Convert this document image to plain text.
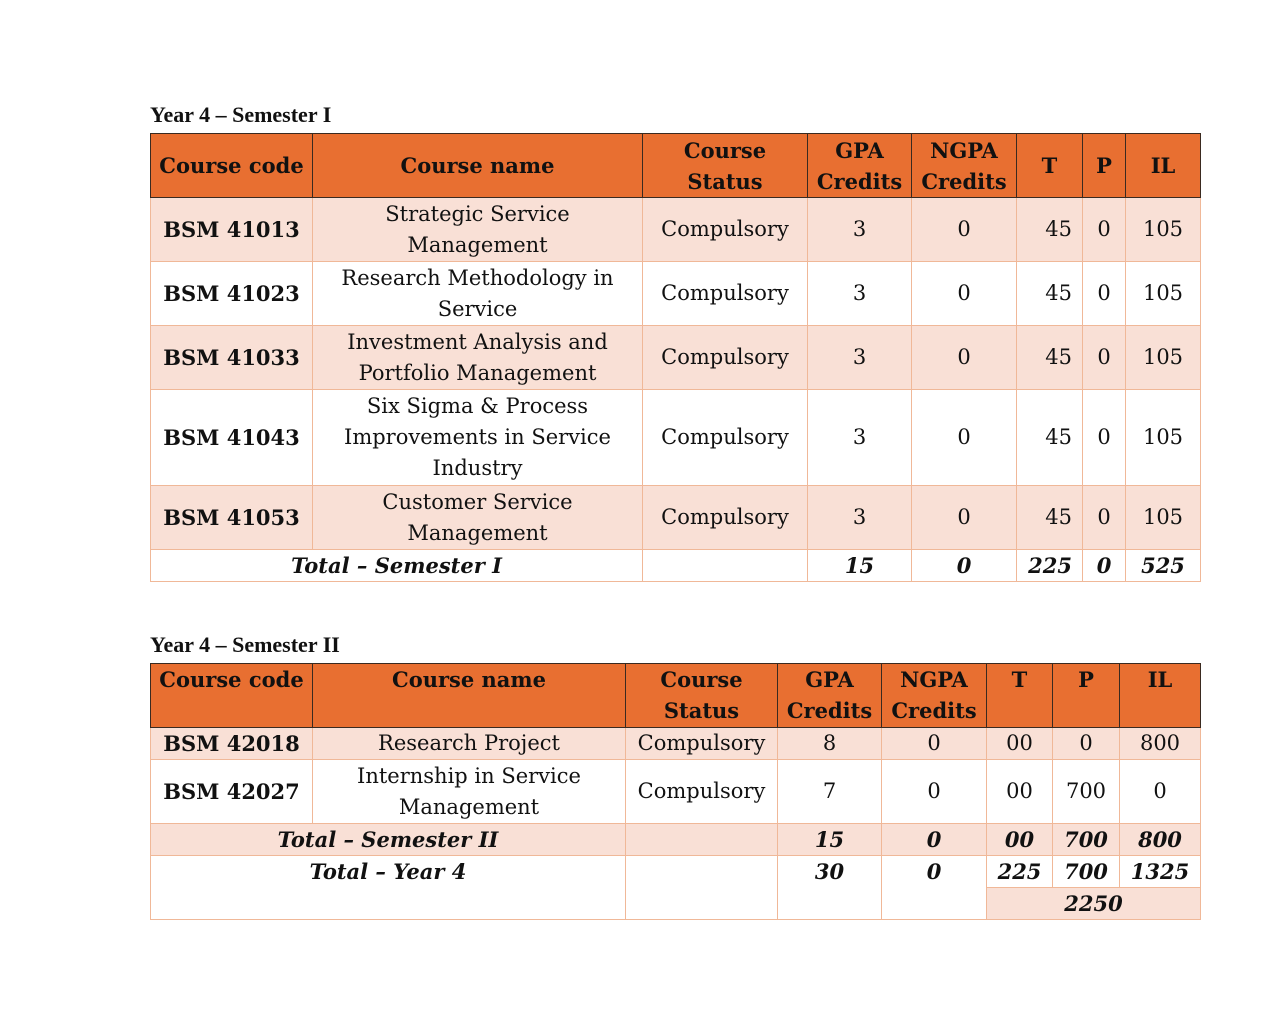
Year 4 – Semester I
Course code	Course name	Course Status	GPA Credits	NGPA Credits	T	P	IL
BSM 41013	Strategic Service Management	Compulsory	3	0	45	0	105
BSM 41023	Research Methodology in Service	Compulsory	3	0	45	0	105
BSM 41033	Investment Analysis and Portfolio Management	Compulsory	3	0	45	0	105
BSM 41043	Six Sigma & Process Improvements in Service Industry	Compulsory	3	0	45	0	105
BSM 41053	Customer Service Management	Compulsory	3	0	45	0	105
Total – Semester I			15	0	225	0	525
Year 4 – Semester II
Course code	Course name	Course Status	GPA Credits	NGPA Credits	T	P	IL
BSM 42018	Research Project	Compulsory	8	0	00	0	800
BSM 42027	Internship in Service Management	Compulsory	7	0	00	700	0
Total – Semester II			15	0	00	700	800
Total – Year 4			30	0	225	700	1325
					2250		
